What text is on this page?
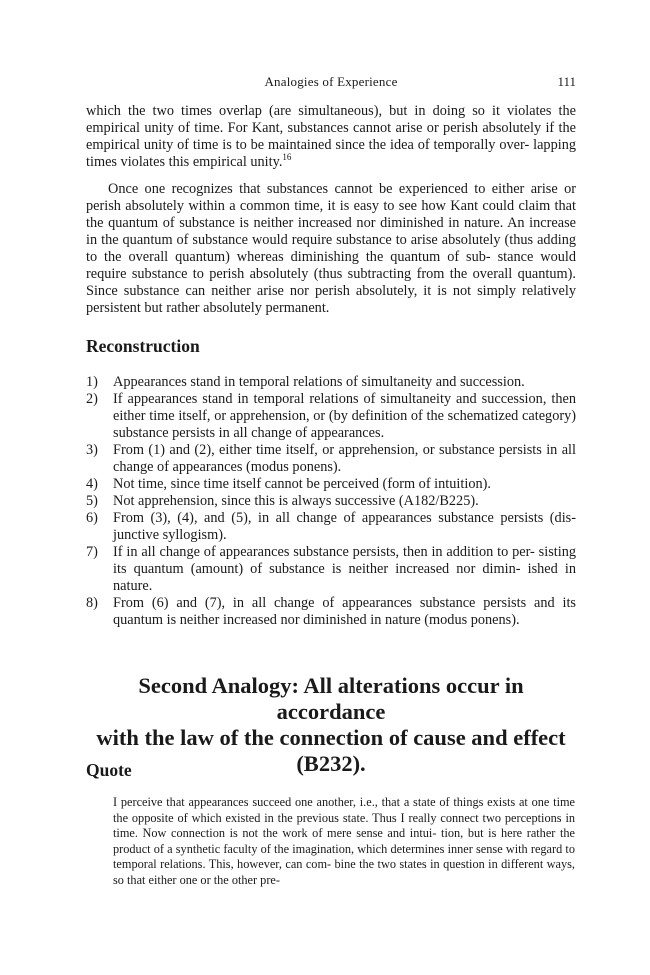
Analogies of Experience	111

which the two times overlap (are simultaneous), but in doing so it violates the empirical unity of time. For Kant, substances cannot arise or perish absolutely if the empirical unity of time is to be maintained since the idea of temporally over- lapping times violates this empirical unity.$^{16}$

Once one recognizes that substances cannot be experienced to either arise or perish absolutely within a common time, it is easy to see how Kant could claim that the quantum of substance is neither increased nor diminished in nature. An increase in the quantum of substance would require substance to arise absolutely (thus adding to the overall quantum) whereas diminishing the quantum of sub- stance would require substance to perish absolutely (thus subtracting from the overall quantum). Since substance can neither arise nor perish absolutely, it is not simply relatively persistent but rather absolutely permanent.

Reconstruction
1) Appearances stand in temporal relations of simultaneity and succession.
2) If appearances stand in temporal relations of simultaneity and succession, then either time itself, or apprehension, or (by definition of the schematized category) substance persists in all change of appearances.
3) From (1) and (2), either time itself, or apprehension, or substance persists in all change of appearances (modus ponens).
4) Not time, since time itself cannot be perceived (form of intuition).
5) Not apprehension, since this is always successive (A182/B225).
6) From (3), (4), and (5), in all change of appearances substance persists (dis- junctive syllogism).
7) If in all change of appearances substance persists, then in addition to per- sisting its quantum (amount) of substance is neither increased nor dimin- ished in nature.
8) From (6) and (7), in all change of appearances substance persists and its quantum is neither increased nor diminished in nature (modus ponens).
Second Analogy: All alterations occur in accordance
with the law of the connection of cause and effect
(B232).
Quote

I perceive that appearances succeed one another, i.e., that a state of things exists at one time the opposite of which existed in the previous state. Thus I really connect two perceptions in time. Now connection is not the work of mere sense and intui- tion, but is here rather the product of a synthetic faculty of the imagination, which determines inner sense with regard to temporal relations. This, however, can com- bine the two states in question in different ways, so that either one or the other pre-
